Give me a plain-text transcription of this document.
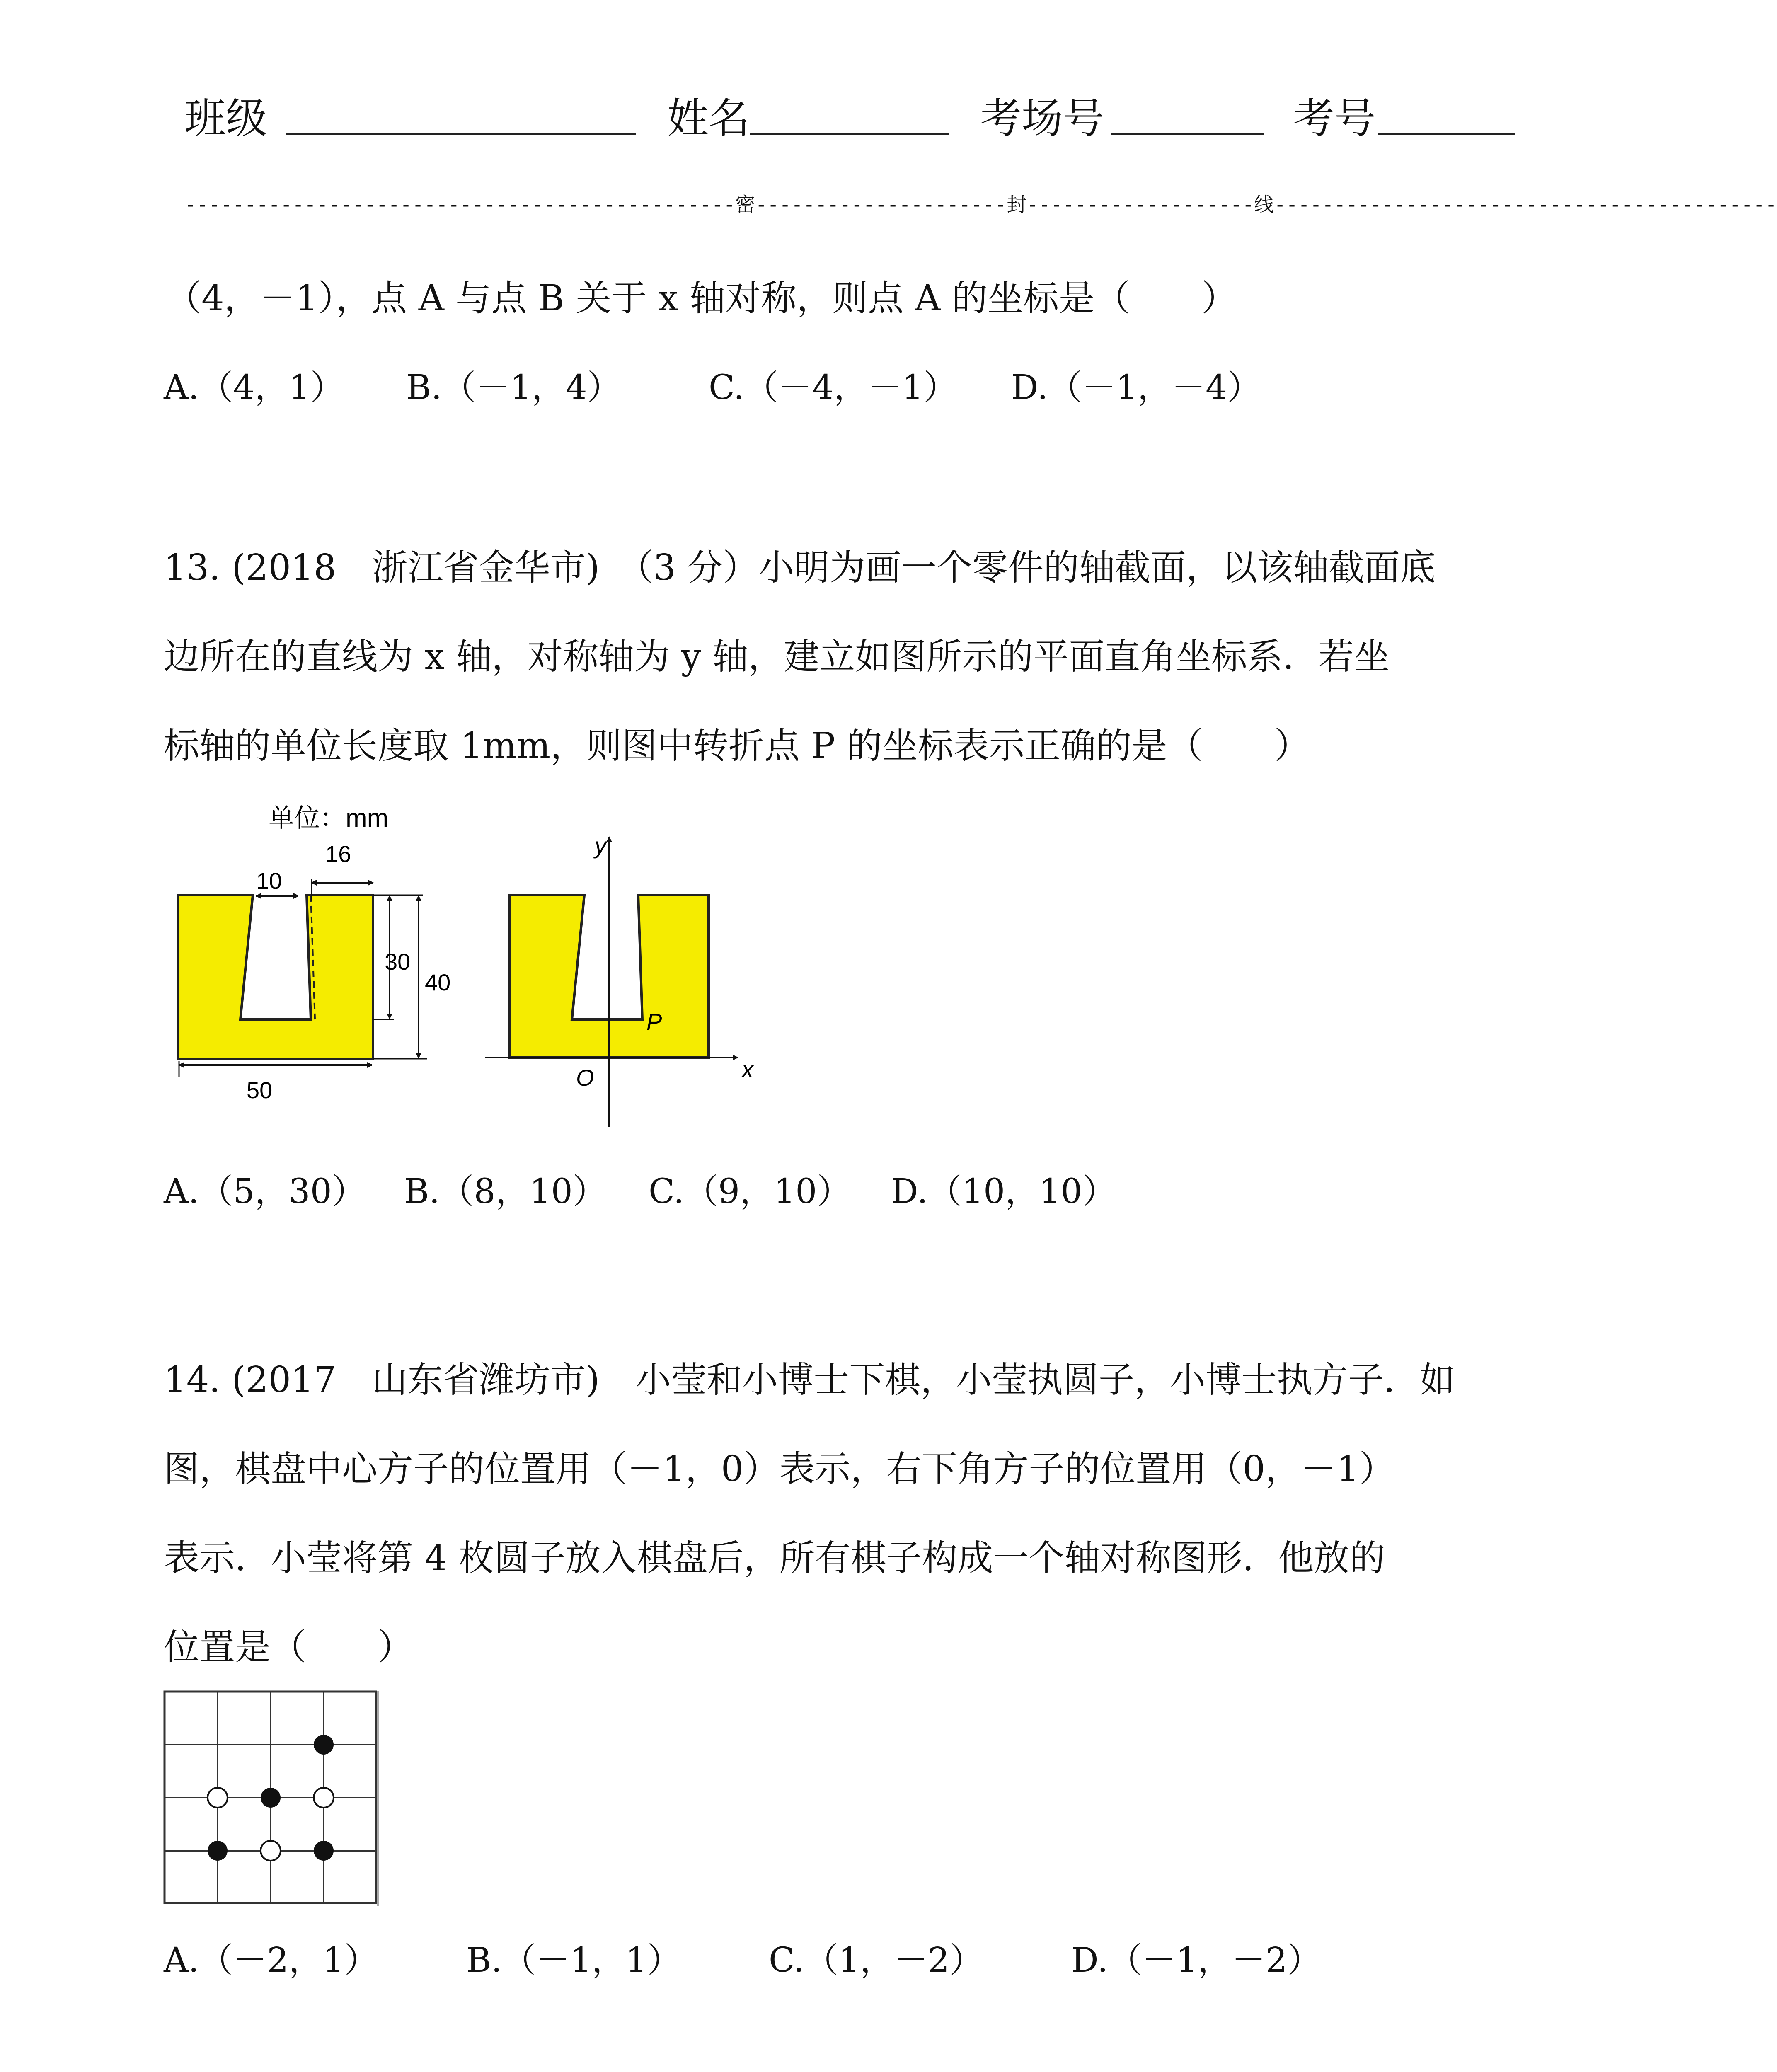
班级	姓名	考场号	考号
----------------------------------------------密---------------------封-------------------线------------------------------------------
（4，－1），点 A 与点 B 关于 x 轴对称，则点 A 的坐标是（　　）
A.（4，1） B.（－1，4）	C.（－4，－1） D.（－1，－4）
13. (2018　浙江省金华市)　（3 分）小明为画一个零件的轴截面，以该轴截面底
边所在的直线为 x 轴，对称轴为 y 轴，建立如图所示的平面直角坐标系．若坐
标轴的单位长度取 1mm，则图中转折点 P 的坐标表示正确的是（　　）
10
16
单位：mm
30
40
50
y
x
O
P
A.（5，30） B.（8，10） C.（9，10） D.（10，10）
14. (2017　山东省潍坊市)　小莹和小博士下棋，小莹执圆子，小博士执方子．如
图，棋盘中心方子的位置用（－1，0）表示，右下角方子的位置用（0，－1）
表示．小莹将第 4 枚圆子放入棋盘后，所有棋子构成一个轴对称图形．他放的
位置是（　　）
A.（－2，1）	B.（－1，1）	C.（1，－2）	D.（－1，－2）
